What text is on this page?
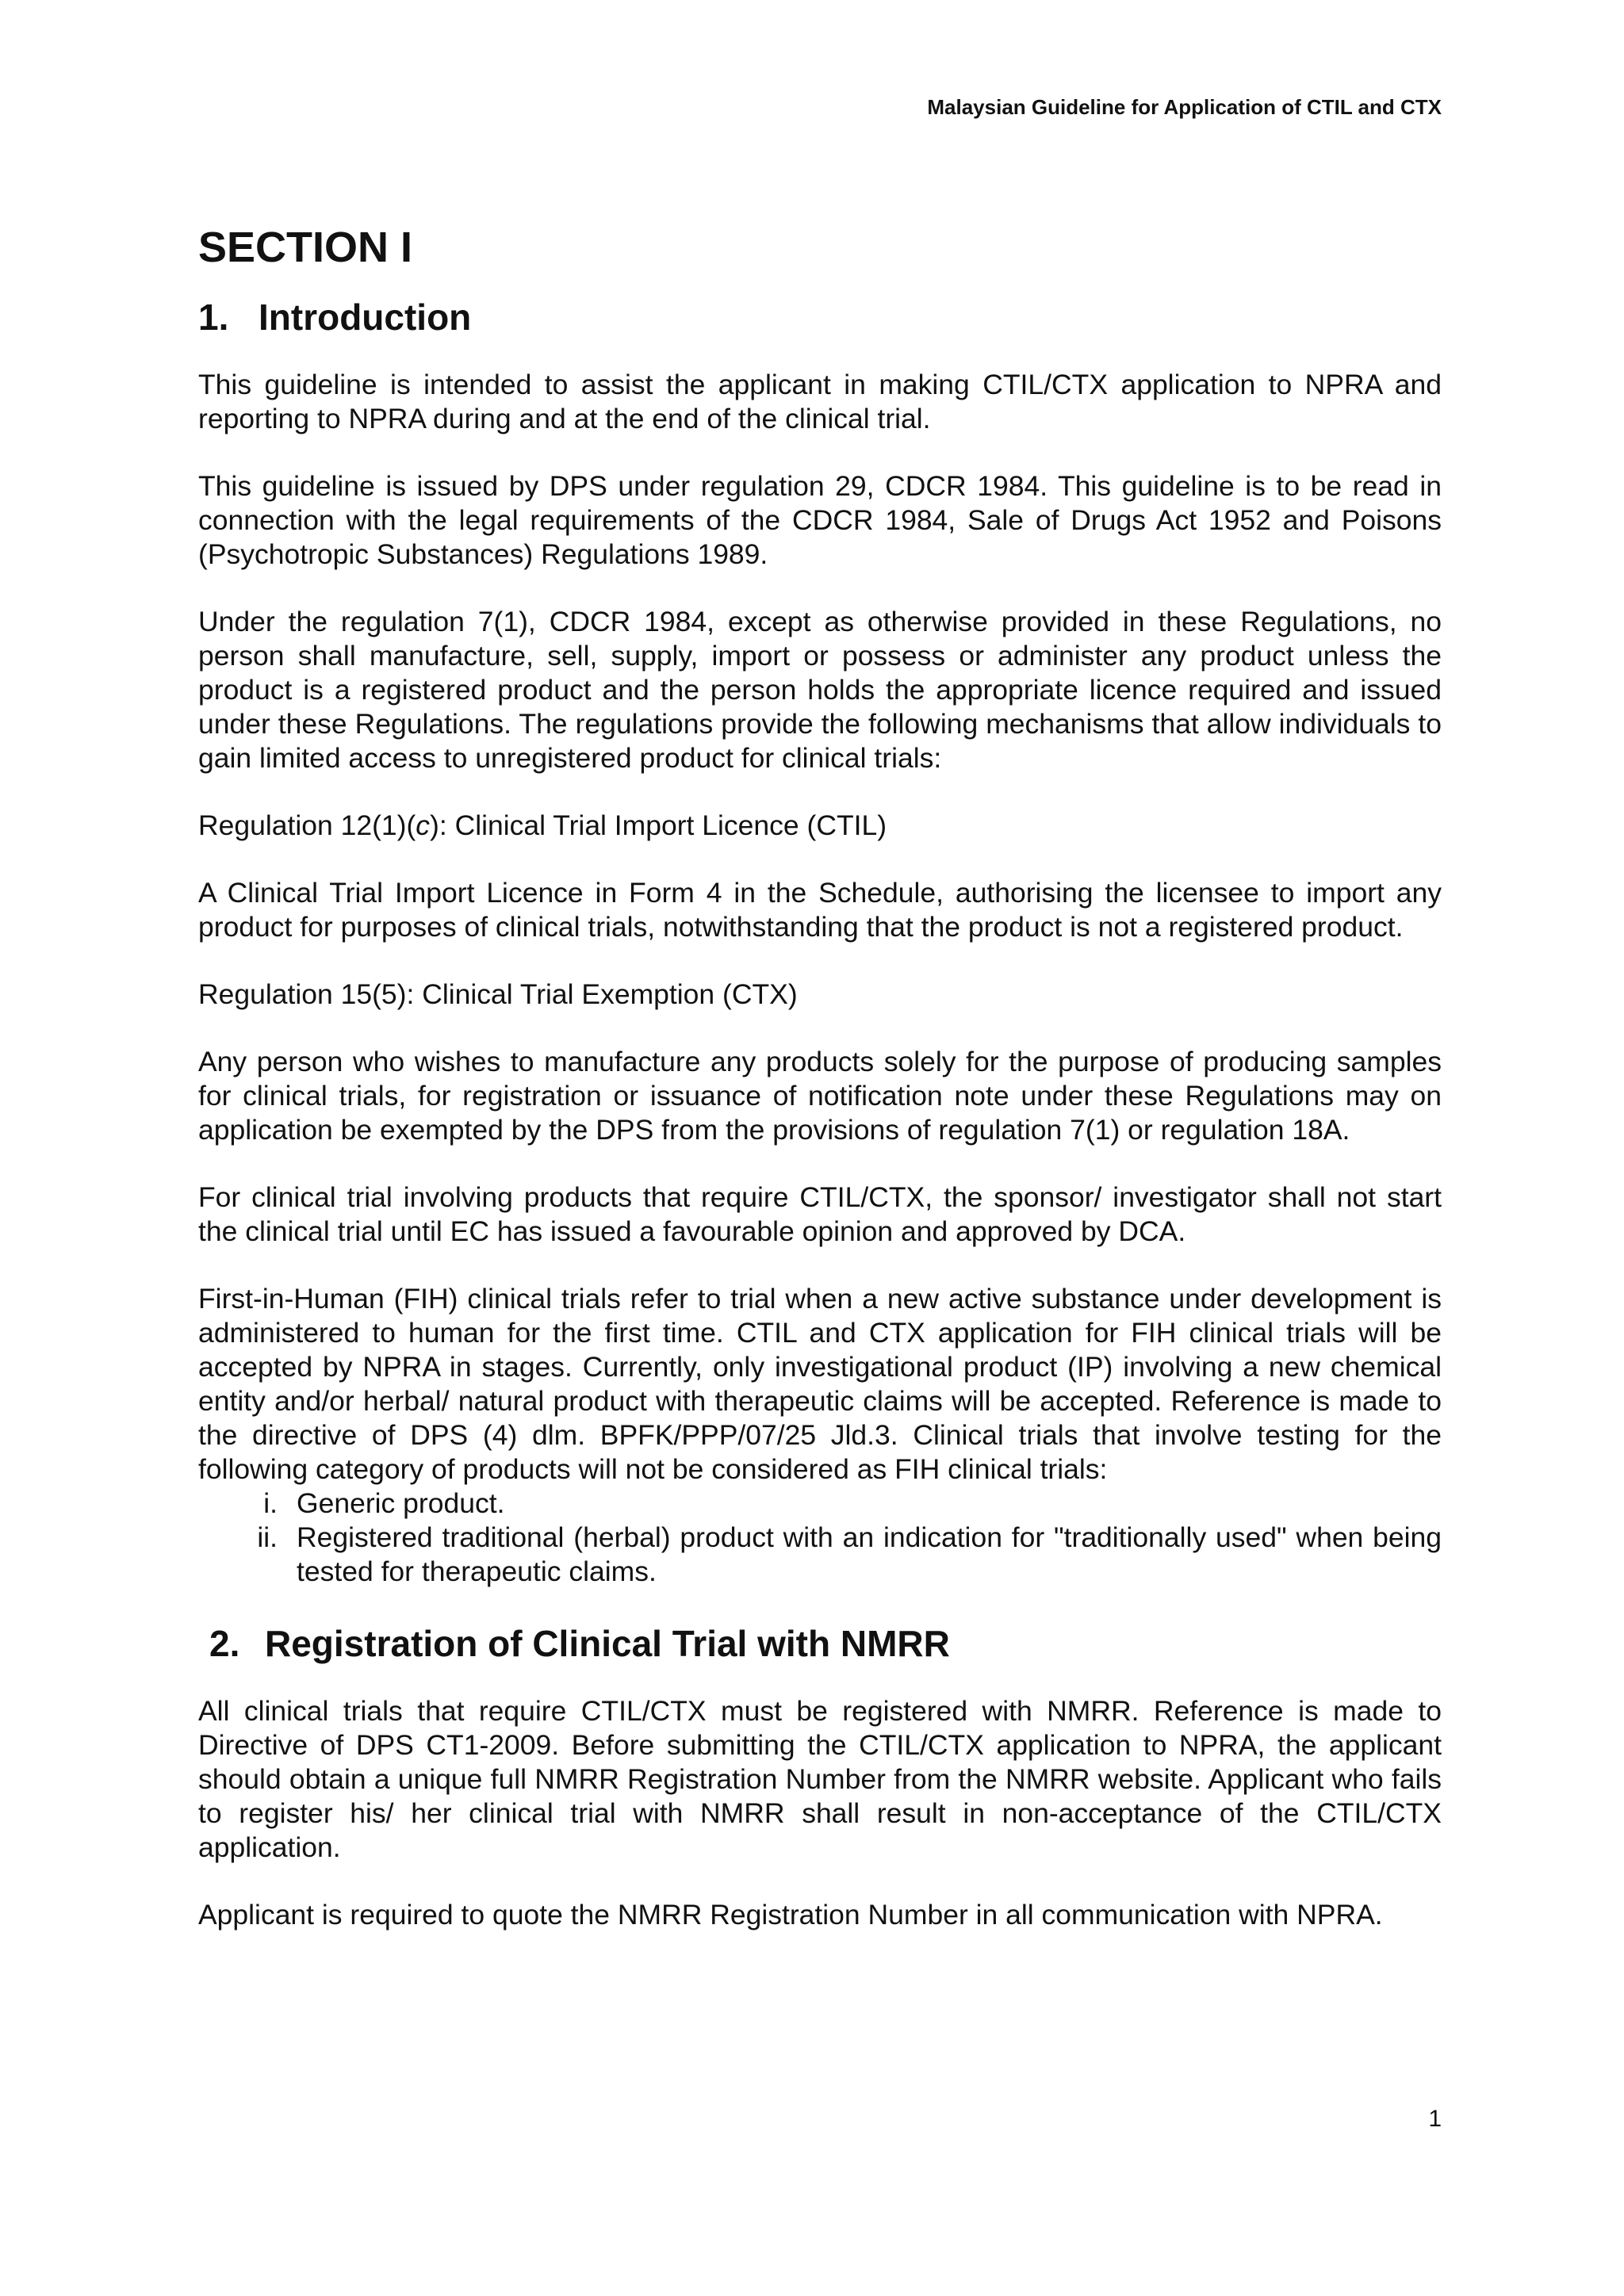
Malaysian Guideline for Application of CTIL and CTX
SECTION I
1. Introduction

This guideline is intended to assist the applicant in making CTIL/CTX application to NPRA and reporting to NPRA during and at the end of the clinical trial.

This guideline is issued by DPS under regulation 29, CDCR 1984. This guideline is to be read in connection with the legal requirements of the CDCR 1984, Sale of Drugs Act 1952 and Poisons (Psychotropic Substances) Regulations 1989.

Under the regulation 7(1), CDCR 1984, except as otherwise provided in these Regulations, no person shall manufacture, sell, supply, import or possess or administer any product unless the product is a registered product and the person holds the appropriate licence required and issued under these Regulations. The regulations provide the following mechanisms that allow individuals to gain limited access to unregistered product for clinical trials:

Regulation 12(1)(c): Clinical Trial Import Licence (CTIL)

A Clinical Trial Import Licence in Form 4 in the Schedule, authorising the licensee to import any product for purposes of clinical trials, notwithstanding that the product is not a registered product.

Regulation 15(5): Clinical Trial Exemption (CTX)

Any person who wishes to manufacture any products solely for the purpose of producing samples for clinical trials, for registration or issuance of notification note under these Regulations may on application be exempted by the DPS from the provisions of regulation 7(1) or regulation 18A.

For clinical trial involving products that require CTIL/CTX, the sponsor/ investigator shall not start the clinical trial until EC has issued a favourable opinion and approved by DCA.

First-in-Human (FIH) clinical trials refer to trial when a new active substance under development is administered to human for the first time. CTIL and CTX application for FIH clinical trials will be accepted by NPRA in stages. Currently, only investigational product (IP) involving a new chemical entity and/or herbal/ natural product with therapeutic claims will be accepted. Reference is made to the directive of DPS (4) dlm. BPFK/PPP/07/25 Jld.3. Clinical trials that involve testing for the following category of products will not be considered as FIH clinical trials:

i. Generic product.
ii. Registered traditional (herbal) product with an indication for "traditionally used" when being tested for therapeutic claims.
2. Registration of Clinical Trial with NMRR

All clinical trials that require CTIL/CTX must be registered with NMRR. Reference is made to Directive of DPS CT1-2009. Before submitting the CTIL/CTX application to NPRA, the applicant should obtain a unique full NMRR Registration Number from the NMRR website. Applicant who fails to register his/ her clinical trial with NMRR shall result in non-acceptance of the CTIL/CTX application.

Applicant is required to quote the NMRR Registration Number in all communication with NPRA.

1
